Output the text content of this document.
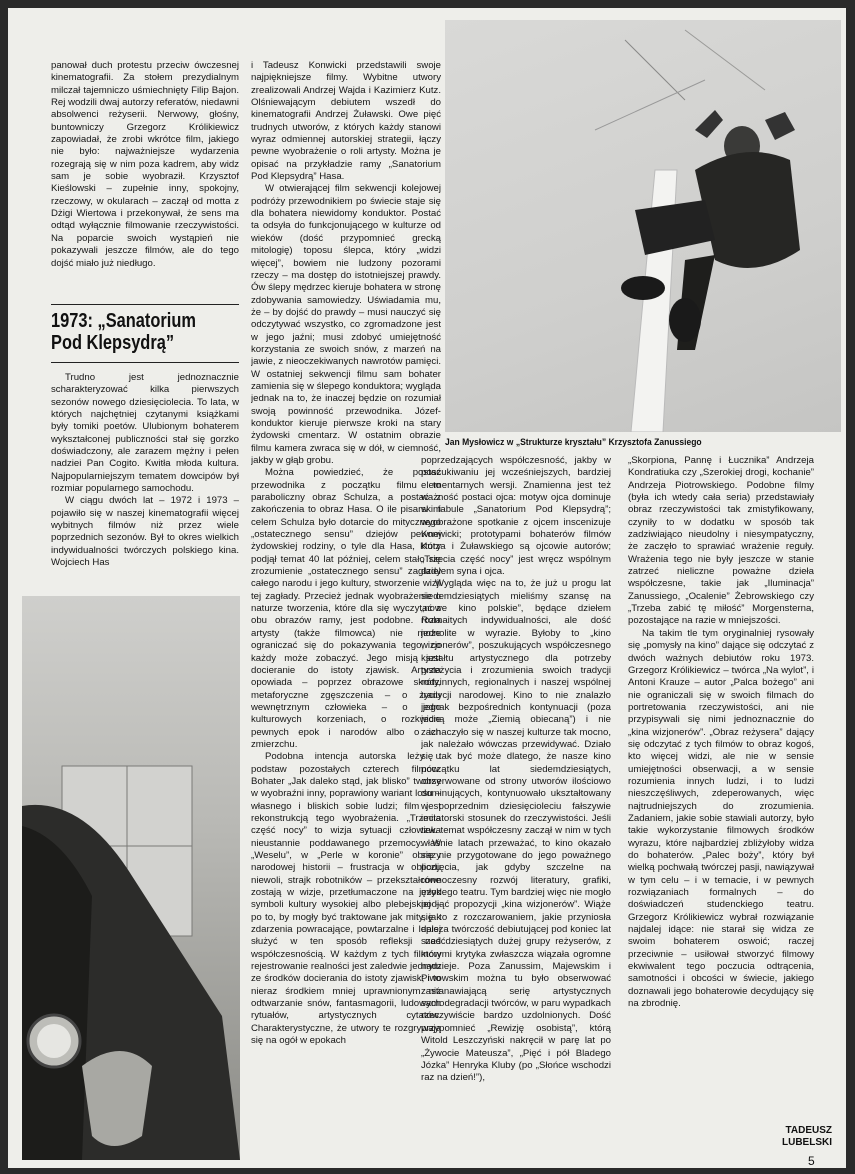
panował duch protestu przeciw ówczesnej kinematografii. Za stołem prezydialnym milczał tajemniczo uśmiechnięty Filip Bajon. Rej wodzili dwaj autorzy referatów, niedawni absolwenci reżyserii. Nerwowy, głośny, buntowniczy Grzegorz Królikiewicz zapowiadał, że zrobi wkrótce film, jakiego nie było: najważniejsze wydarzenia rozegrają się w nim poza kadrem, aby widz sam je sobie wyobraził. Krzysztof Kieślowski – zupełnie inny, spokojny, rzeczowy, w okularach – zaczął od motta z Dżigi Wiertowa i przekonywał, że sens ma odtąd wyłącznie filmowanie rzeczywistości. Na poparcie swoich wystąpień nie pokazywali jeszcze filmów, ale do tego dojść miało już niedługo.

1973: „Sanatorium Pod Klepsydrą”

Trudno jest jednoznacznie scharakteryzować kilka pierwszych sezonów nowego dziesięciolecia. To lata, w których najchętniej czytanymi książkami były tomiki poetów. Ulubionym bohaterem wykształconej publiczności stał się gorzko doświadczony, ale zarazem mężny i pełen nadziei Pan Cogito. Kwitła młoda kultura. Najpopularniejszym tematem dowcipów był rozmiar popularnego samochodu.

W ciągu dwóch lat – 1972 i 1973 – pojawiło się w naszej kinematografii więcej wybitnych filmów niż przez wiele poprzednich sezonów. Był to okres wielkich indywidualności twórczych polskiego kina. Wojciech Has

i Tadeusz Konwicki przedstawili swoje najpiękniejsze filmy. Wybitne utwory zrealizowali Andrzej Wajda i Kazimierz Kutz. Olśniewającym debiutem wszedł do kinematografii Andrzej Żuławski. Owe pięć trudnych utworów, z których każdy stanowi wyraz odmiennej autorskiej strategii, łączy pewne wyobrażenie o roli artysty. Można je opisać na przykładzie ramy „Sanatorium Pod Klepsydrą” Hasa.

W otwierającej film sekwencji kolejowej podróży przewodnikiem po świecie staje się dla bohatera niewidomy konduktor. Postać ta odsyła do funkcjonującego w kulturze od wieków (dość przypomnieć grecką mitologię) toposu ślepca, który „widzi więcej”, bowiem nie ludzony pozorami rzeczy – ma dostęp do istotniejszej prawdy. Ów ślepy mędrzec kieruje bohatera w stronę zdobywania samowiedzy. Uświadamia mu, że – by dojść do prawdy – musi nauczyć się odczytywać wszystko, co zgromadzone jest w jego jaźni; musi zdobyć umiejętność korzystania ze swoich snów, z marzeń na jawie, z nieoczekiwanych nawrotów pamięci. W ostatniej sekwencji filmu sam bohater zamienia się w ślepego konduktora; wygląda jednak na to, że inaczej będzie on rozumiał swoją powinność przewodnika. Józef-konduktor kieruje pierwsze kroki na stary żydowski cmentarz. W ostatnim obrazie filmu kamera zwraca się w dół, w ciemność, jakby w głąb grobu.

Można powiedzieć, że postać przewodnika z początku filmu to paraboliczny obraz Schulza, a postać z zakończenia to obraz Hasa. O ile pisarskim celem Schulza było dotarcie do mitycznego „ostatecznego sensu” dziejów pewnej żydowskiej rodziny, o tyle dla Hasa, który podjął temat 40 lat później, celem stało się zrozumienie „ostatecznego sensu” zagłady całego narodu i jego kultury, stworzenie wizji tej zagłady. Przecież jednak wyobrażenie o naturze tworzenia, które dla się wyczytać z obu obrazów ramy, jest podobne. Rola artysty (także filmowca) nie może ograniczać się do pokazywania tego, co każdy może zobaczyć. Jego misją jest docieranie do istoty zjawisk. Artysta opowiada – poprzez obrazowe skróty, metaforyczne zgęszczenia – o życiu wewnętrznym człowieka – o jego kulturowych korzeniach, o rozkwicie pewnych epok i narodów albo o ich zmierzchu.

Podobna intencja autorska leży u podstaw pozostałych czterech filmów. Bohater „Jak daleko stąd, jak blisko” tworzy w wyobraźni inny, poprawiony wariant losu – własnego i bliskich sobie ludzi; film jest rekonstrukcją tego wyobrażenia. „Trzecia część nocy” to wizja sytuacji człowieka nieustannie poddawanego przemocy. W „Weselu”, w „Perle w koronie” obrazy narodowej historii – frustracja w obliczu niewoli, strajk robotników – przekształcone zostają w wizje, przetłumaczone na język symboli kultury wysokiej albo plebejskiej – po to, by mogły być traktowane jak mity, jak zdarzenia powracające, powtarzalne i lepiej służyć w ten sposób refleksji nad współczesnością. W każdym z tych filmów rejestrowanie realności jest zaledwie jednym ze środków docierania do istoty zjawisk; i to nierаz środkiem mniej uprawnionym niż odtwarzanie snów, fantasmagorii, ludowych rytuałów, artystycznych cytatów. Charakterystyczne, że utwory te rozgrywają się na ogół w epokach

Jan Mysłowicz w „Strukturze kryształu” Krzysztofa Zanussiego

poprzedzających współczesność, jakby w poszukiwaniu jej wcześniejszych, bardziej elementarnych wersji. Znamienna jest też ważność postaci ojca: motyw ojca dominuje w fabule „Sanatorium Pod Klepsydrą”; wyobrażone spotkanie z ojcem inscenizuje Konwicki; prototypami bohaterów filmów Kutza i Żuławskiego są ojcowie autorów; „Trzecia część nocy” jest wręcz wspólnym dziełem syna i ojca.

Wygląda więc na to, że już u progu lat siedemdziesiątych mieliśmy szansę na „nowe kino polskie”, będące dziełem rozmaitych indywidualności, ale dość jednolite w wyrazie. Byłoby to „kino wizjonerów”, poszukujących współczesnego kształtu artystycznego dla potrzeby przeżycia i zrozumienia swoich tradycji rodzinnych, regionalnych i naszej wspólnej tradycji narodowej. Kino to nie znalazło jednak bezpośrednich kontynuacji (poza jedną może „Ziemią obiecaną”) i nie zaznaczyło się w naszej kulturze tak mocno, jak należało wówczas przewidywać. Działo się tak być może dlatego, że nasze kino początku lat siedemdziesiątych, obserwowane od strony utworów ilościowo dominujących, kontynuowało ukształtowany w poprzednim dziesięcioleciu fałszywie imitatorski stosunek do rzeczywistości. Jeśli tzw. temat współczesny zaczął w nim w tych właśnie latach przeważać, to kino okazało się nie przygotowane do jego poważnego podjęcia, jak gdyby szczelne na równoczesny rozwój literatury, grafiki, młodego teatru. Tym bardziej więc nie mogło podjąć propozycji „kina wizjonerów”. Wiąże się to z rozczarowaniem, jakie przyniosła dalsza twórczość debiutującej pod koniec lat sześćdziesiątych dużej grupy reżyserów, z którymi krytyka zwłaszcza wiązała ogromne nadzieje. Poza Zanussim, Majewskim i Piwowskim można tu było obserwować zastanawiającą serię artystycznych samodegradacji twórców, w paru wypadkach rzeczywiście bardzo uzdolnionych. Dość przypomnieć „Rewizję osobistą”, którą Witold Leszczyński nakręcił w parę lat po „Żywocie Mateusza”, „Pięć i pół Bladego Józka” Henryka Kluby (po „Słońce wschodzi raz na dzień!”),

„Skorpiona, Pannę i Łucznika” Andrzeja Kondratiuka czy „Szerokiej drogi, kochanie” Andrzeja Piotrowskiego. Podobne filmy (była ich wtedy cała seria) przedstawiały obraz rzeczywistości tak zmistyfikowany, czyniły to w dodatku w sposób tak zadziwiająco nieudolny i niesympatyczny, że zaczęło to sprawiać wrażenie reguły. Wrażenia tego nie były jeszcze w stanie zatrzeć nieliczne poważne dzieła współczesne, takie jak „Iluminacja” Zanussiego, „Ocalenie” Żebrowskiego czy „Trzeba zabić tę miłość” Morgensterna, pozostające na razie w mniejszości.

Na takim tle tym oryginalniej rysowały się „pomysły na kino” dające się odczytać z dwóch ważnych debiutów roku 1973. Grzegorz Królikiewicz – twórca „Na wylot”, i Antoni Krauze – autor „Palca bożego” ani nie ograniczali się w swoich filmach do portretowania rzeczywistości, ani nie przypisywali się nimi jednoznacznie do „kina wizjonerów”. „Obraz reżysera” dający się odczytać z tych filmów to obraz kogoś, kto więcej widzi, ale nie w sensie umiejętności obserwacji, a w sensie rozumienia innych ludzi, i to ludzi nieszczęśliwych, zdeperowanych, więc najtrudniejszych do zrozumienia. Zadaniem, jakie sobie stawiali autorzy, było takie wykorzystanie filmowych środków wyrazu, które najbardziej zbliżyłoby widza do bohaterów. „Palec boży”, który był wielką pochwałą twórczej pasji, nawiązywał w tym celu – i w temacie, i w pewnych rozwiązaniach formalnych – do doświadczeń studenckiego teatru. Grzegorz Królikiewicz wybrał rozwiązanie najdalej idące: nie starał się widza ze swoim bohaterem oswoić; raczej przeciwnie – usiłował stworzyć filmowy ekwiwalent tego poczucia odtrącenia, samotności i obcości w świecie, jakiego doznawali jego bohaterowie decydujący się na zbrodnię.

TADEUSZ
LUBELSKI
5
